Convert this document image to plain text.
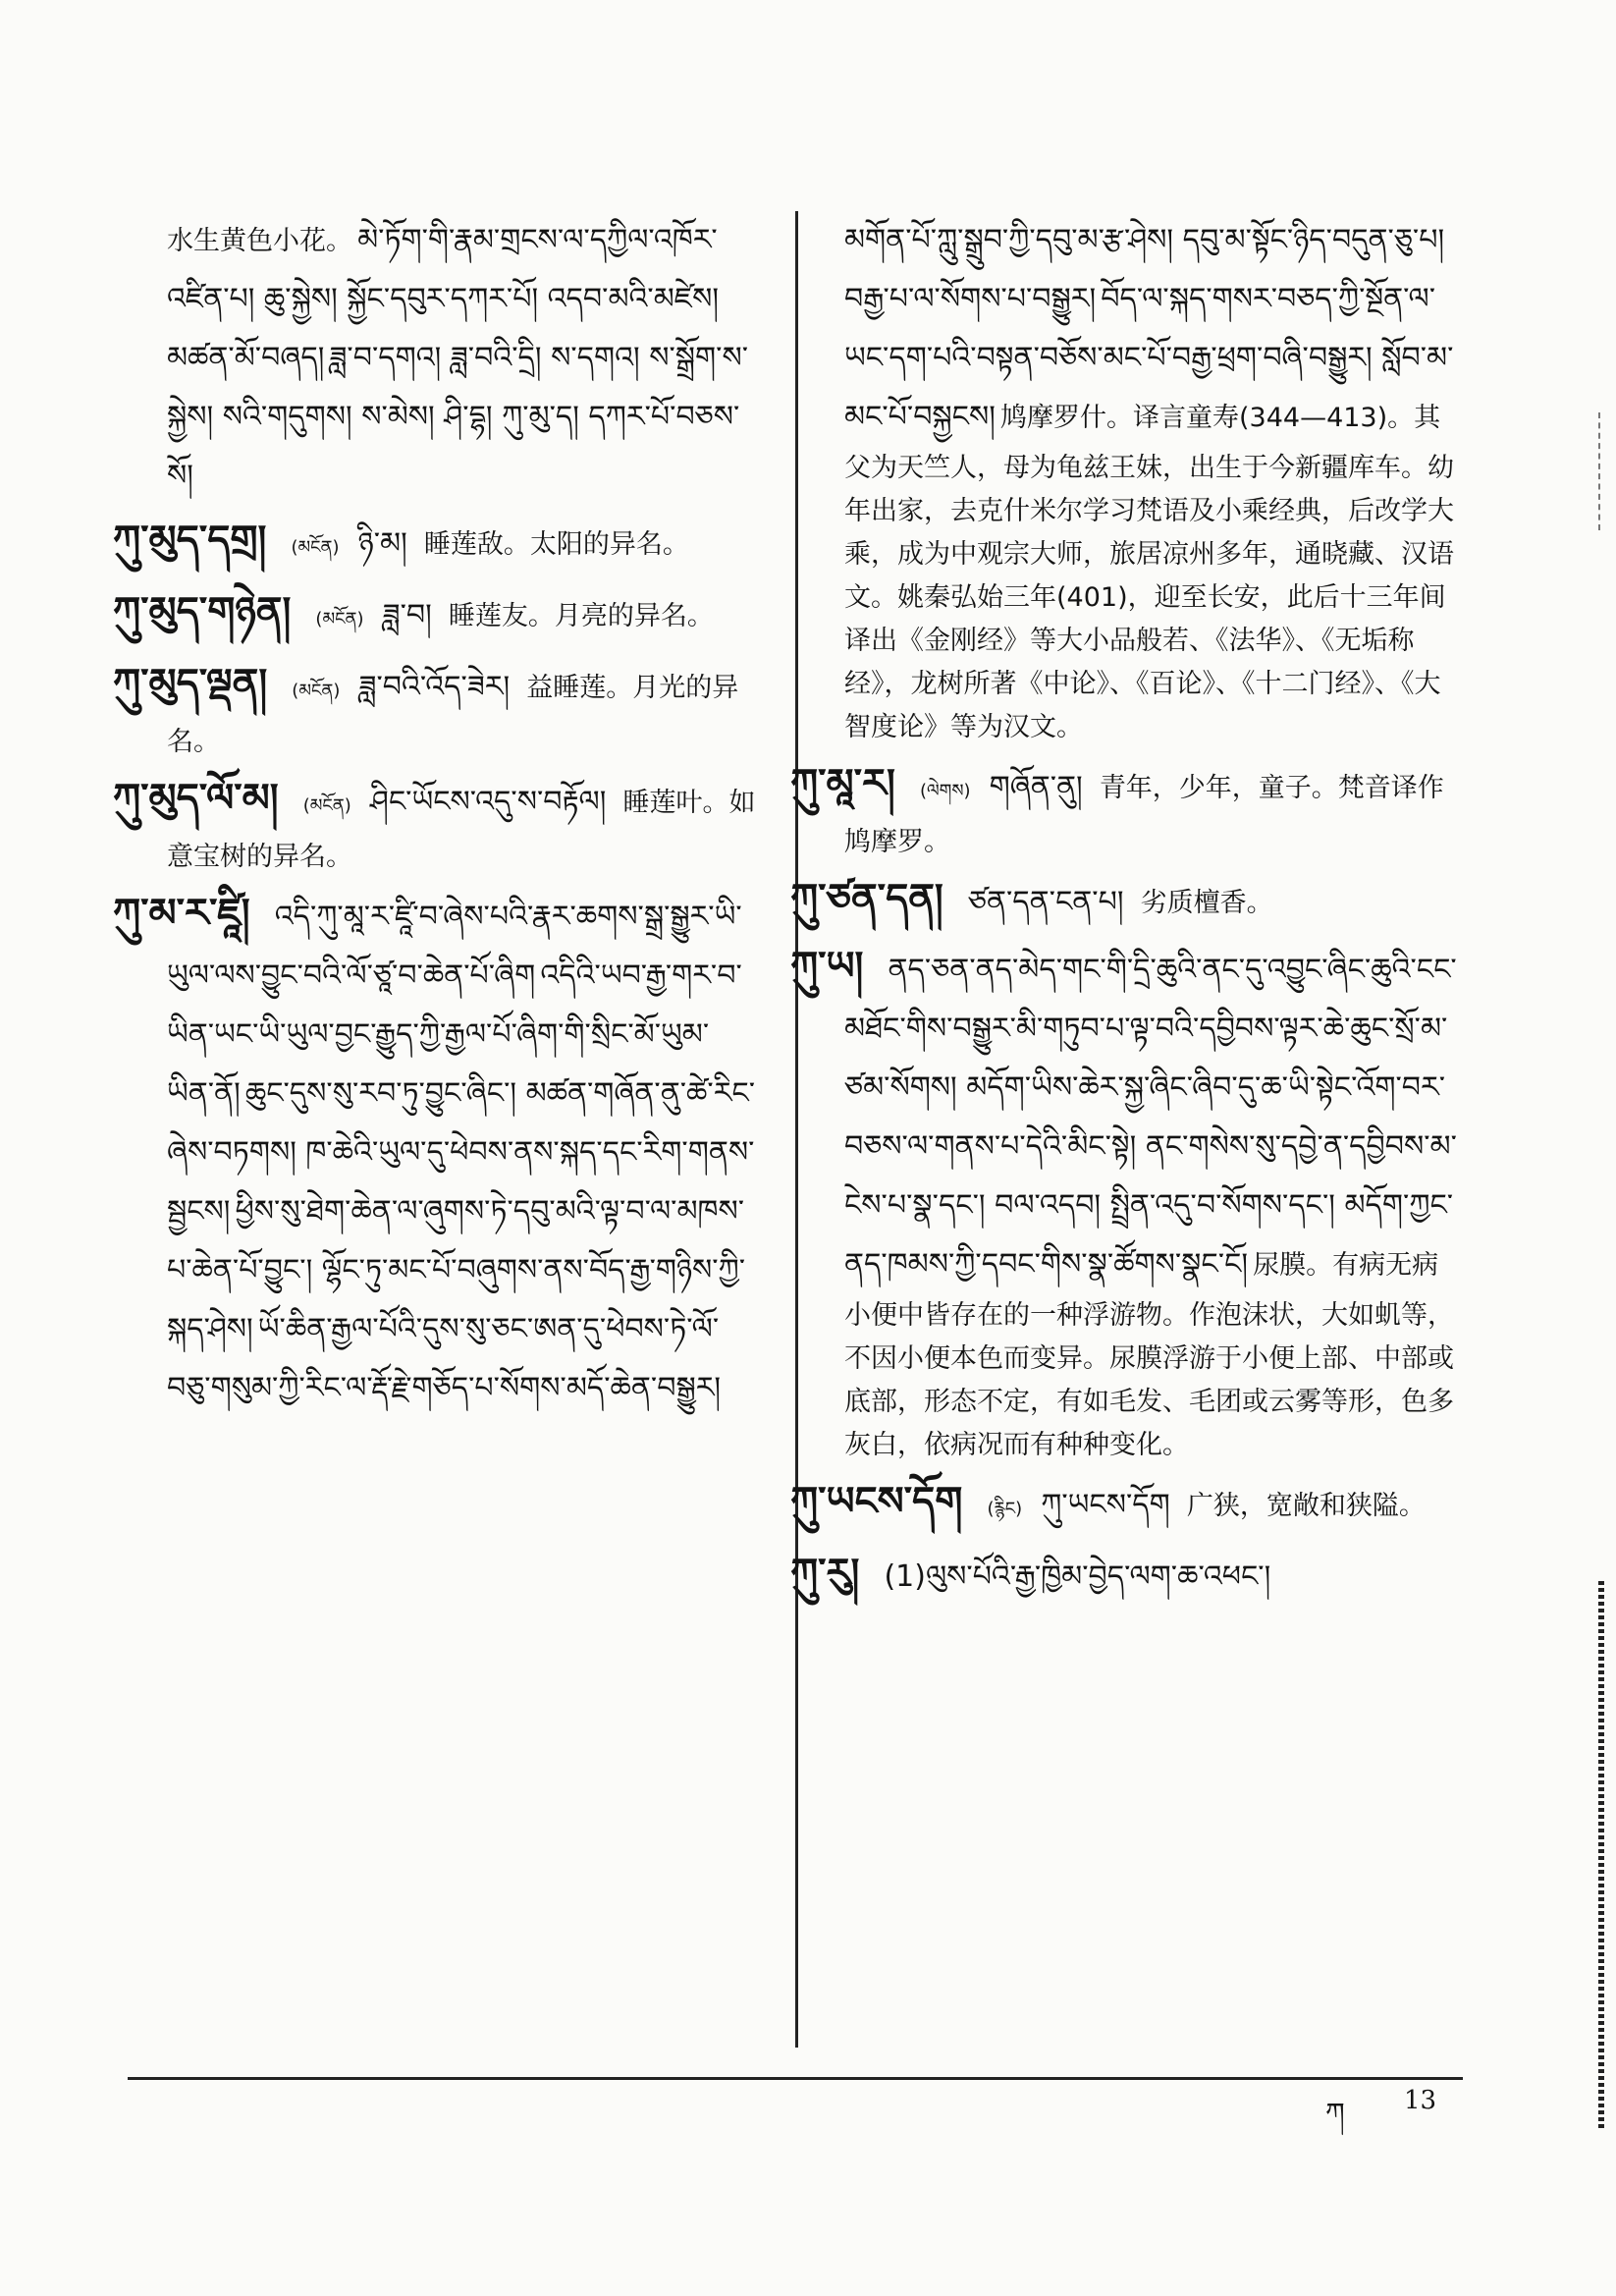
水生黄色小花。 མེ་ཏོག་གི་རྣམ་གྲངས་ལ་དཀྱིལ་འཁོར་འཛིན་པ། ཆུ་སྐྱེས། སྐྱོང་དབུར་དཀར་པོ། འདབ་མའི་མཛེས། མཚན་མོ་བཞད། ཟླ་བ་དགའ། ཟླ་བའི་དྲི། ས་དགའ། ས་སྒྲོག་ས་སྐྱེས། སའི་གདུགས། ས་མེས། ཤི་དྷ། ཀུ་མུ་ད། དཀར་པོ་བཅས་སོ།
ཀུ་མུད་དགྲ། (མངོན) ཉི་མ། 睡莲敌。太阳的异名。
ཀུ་མུད་གཉེན། (མངོན) ཟླ་བ། 睡莲友。月亮的异名。
ཀུ་མུད་ལྡན། (མངོན) ཟླ་བའི་འོད་ཟེར། 益睡莲。月光的异名。
ཀུ་མུད་ལོ་མ། (མངོན) ཤིང་ཡོངས་འདུ་ས་བརྟོལ། 睡莲叶。如意宝树的异名。
ཀུ་མ་ར་ཛཱི། འདི་ཀུ་མཱ་ར་ཛཱི་བ་ཞེས་པའི་རྣར་ཆགས་སྒྲ་སྒྱུར་ཡི་ཡུལ་ལས་བྱུང་བའི་ལོ་ཙཱ་བ་ཆེན་པོ་ཞིག འདིའི་ཡབ་རྒྱ་གར་བ་ཡིན་ཡང་ཡི་ཡུལ་བྱང་རྒྱུད་ཀྱི་རྒྱལ་པོ་ཞིག་གི་སྲིང་མོ་ཡུམ་ཡིན་ནོ། ཆུང་དུས་སུ་རབ་ཏུ་བྱུང་ཞིང་། མཚན་གཞོན་ནུ་ཚེ་རིང་ཞེས་བཏགས། ཁ་ཆེའི་ཡུལ་དུ་ཕེབས་ནས་སྐད་དང་རིག་གནས་སྦྱངས། ཕྱིས་སུ་ཐེག་ཆེན་ལ་ཞུགས་ཏེ་དབུ་མའི་ལྟ་བ་ལ་མཁས་པ་ཆེན་པོ་བྱུང་། ལྷོང་ཏུ་མང་པོ་བཞུགས་ནས་བོད་རྒྱ་གཉིས་ཀྱི་སྐད་ཤེས། ཡོ་ཆིན་རྒྱལ་པོའི་དུས་སུ་ཅང་ཨན་དུ་ཕེབས་ཏེ་ལོ་བཅུ་གསུམ་ཀྱི་རིང་ལ་རྡོ་རྗེ་གཅོད་པ་སོགས་མདོ་ཆེན་བསྒྱུར།
མགོན་པོ་ཀླུ་སྒྲུབ་ཀྱི་དབུ་མ་རྩ་ཤེས། དབུ་མ་སྟོང་ཉིད་བདུན་ཅུ་པ། བརྒྱ་པ་ལ་སོགས་པ་བསྒྱུར། བོད་ལ་སྐད་གསར་བཅད་ཀྱི་སྔོན་ལ་ཡང་དག་པའི་བསྟན་བཅོས་མང་པོ་བརྒྱ་ཕྲག་བཞི་བསྒྱུར། སློབ་མ་མང་པོ་བསྐྱངས། 鸠摩罗什。译言童寿(344—413)。其父为天竺人，母为龟兹王妹，出生于今新疆库车。幼年出家，去克什米尔学习梵语及小乘经典，后改学大乘，成为中观宗大师，旅居凉州多年，通晓藏、汉语文。姚秦弘始三年(401)，迎至长安，此后十三年间译出《金刚经》等大小品般若、《法华》、《无垢称经》，龙树所著《中论》、《百论》、《十二门经》、《大智度论》等为汉文。
ཀུ་མཱ་ར། (ལེགས) གཞོན་ནུ། 青年，少年，童子。梵音译作鸠摩罗。
ཀུ་ཙན་དན། ཙན་དན་ངན་པ། 劣质檀香。
ཀུ་ཡ། ནད་ཅན་ནད་མེད་གང་གི་དྲི་ཆུའི་ནང་དུ་འབྱུང་ཞིང་ཆུའི་ངང་མཐོང་གིས་བསྒྱུར་མི་གཏུབ་པ་ལྟ་བའི་དབྱིབས་ལྟར་ཆེ་ཆུང་སྲོ་མ་ཙམ་སོགས། མདོག་ཡིས་ཆེར་སྐྱ་ཞིང་ཞིབ་དུ་ཆ་ཡི་སྟེང་འོག་བར་བཅས་ལ་གནས་པ་དེའི་མིང་སྟེ། ནང་གསེས་སུ་དབྱེ་ན་དབྱིབས་མ་ངེས་པ་སྣ་དང་། བལ་འདབ། སྤྲིན་འདུ་བ་སོགས་དང་། མདོག་ཀྱང་ནད་ཁམས་ཀྱི་དབང་གིས་སྣ་ཚོགས་སྣང་ངོ། 尿膜。有病无病小便中皆存在的一种浮游物。作泡沫状，大如虮等，不因小便本色而变异。尿膜浮游于小便上部、中部或底部，形态不定，有如毛发、毛团或云雾等形，色多灰白，依病况而有种种变化。
ཀུ་ཡངས་དོག (རྙིང) ཀུ་ཡངས་དོག 广狭，宽敞和狭隘。
ཀུ་རུ། (1)ལུས་པོའི་རྒྱ་ཁྱིམ་བྱེད་ལག་ཆ་འཕང་།
ཀ 13
